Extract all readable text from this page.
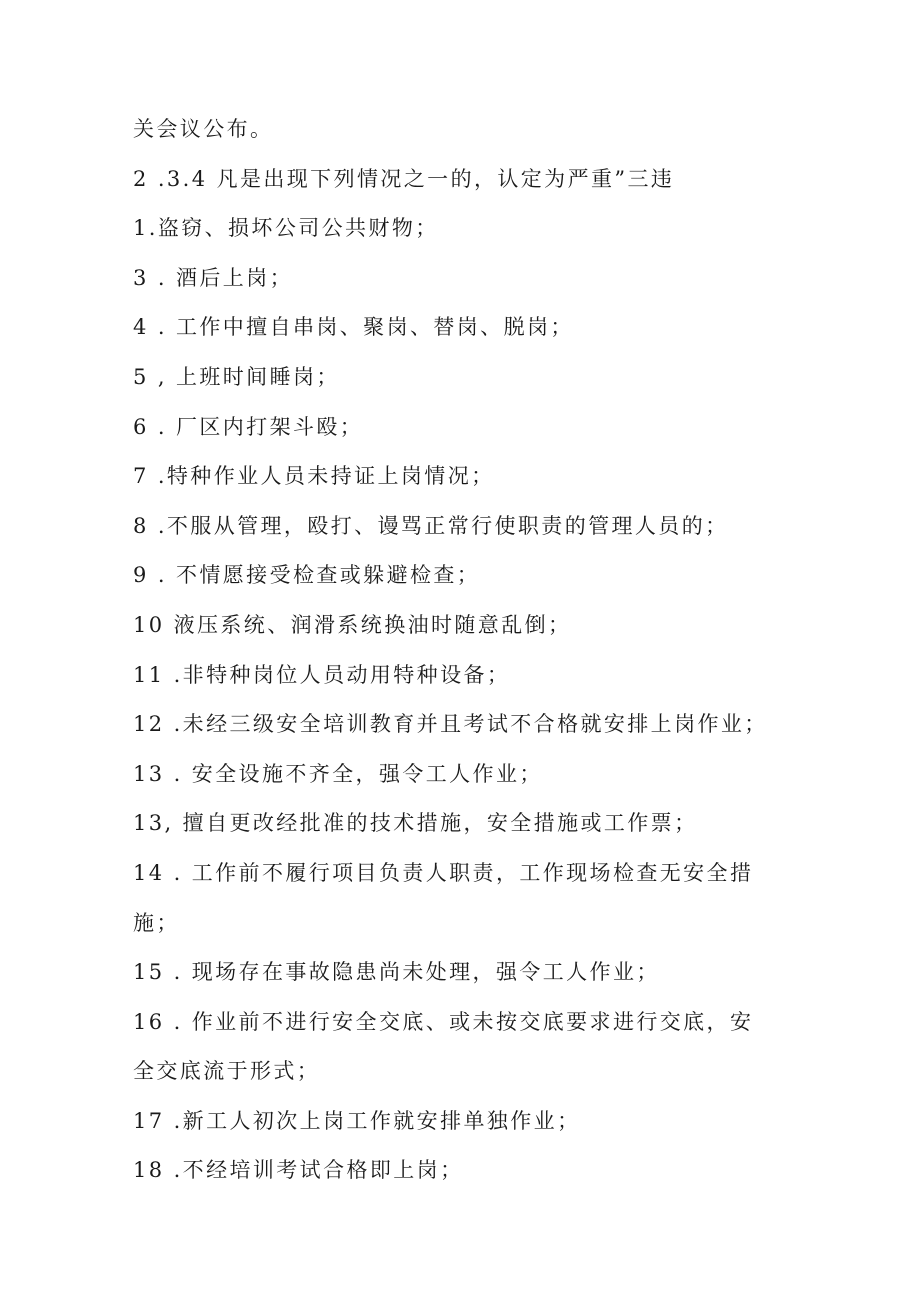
关会议公布。
2 .3.4 凡是出现下列情况之一的，认定为严重”三违
1.盗窃、损坏公司公共财物；
3 . 酒后上岗；
4 . 工作中擅自串岗、聚岗、替岗、脱岗；
5 , 上班时间睡岗；
6 . 厂区内打架斗殴；
7 .特种作业人员未持证上岗情况；
8 .不服从管理，殴打、谩骂正常行使职责的管理人员的；
9 . 不情愿接受检查或躲避检查；
10 液压系统、润滑系统换油时随意乱倒；
11 .非特种岗位人员动用特种设备；
12 .未经三级安全培训教育并且考试不合格就安排上岗作业；
13 . 安全设施不齐全，强令工人作业；
13, 擅自更改经批准的技术措施，安全措施或工作票；
14 . 工作前不履行项目负责人职责，工作现场检查无安全措
施；
15 . 现场存在事故隐患尚未处理，强令工人作业；
16 . 作业前不进行安全交底、或未按交底要求进行交底，安
全交底流于形式；
17 .新工人初次上岗工作就安排单独作业；
18 .不经培训考试合格即上岗；
